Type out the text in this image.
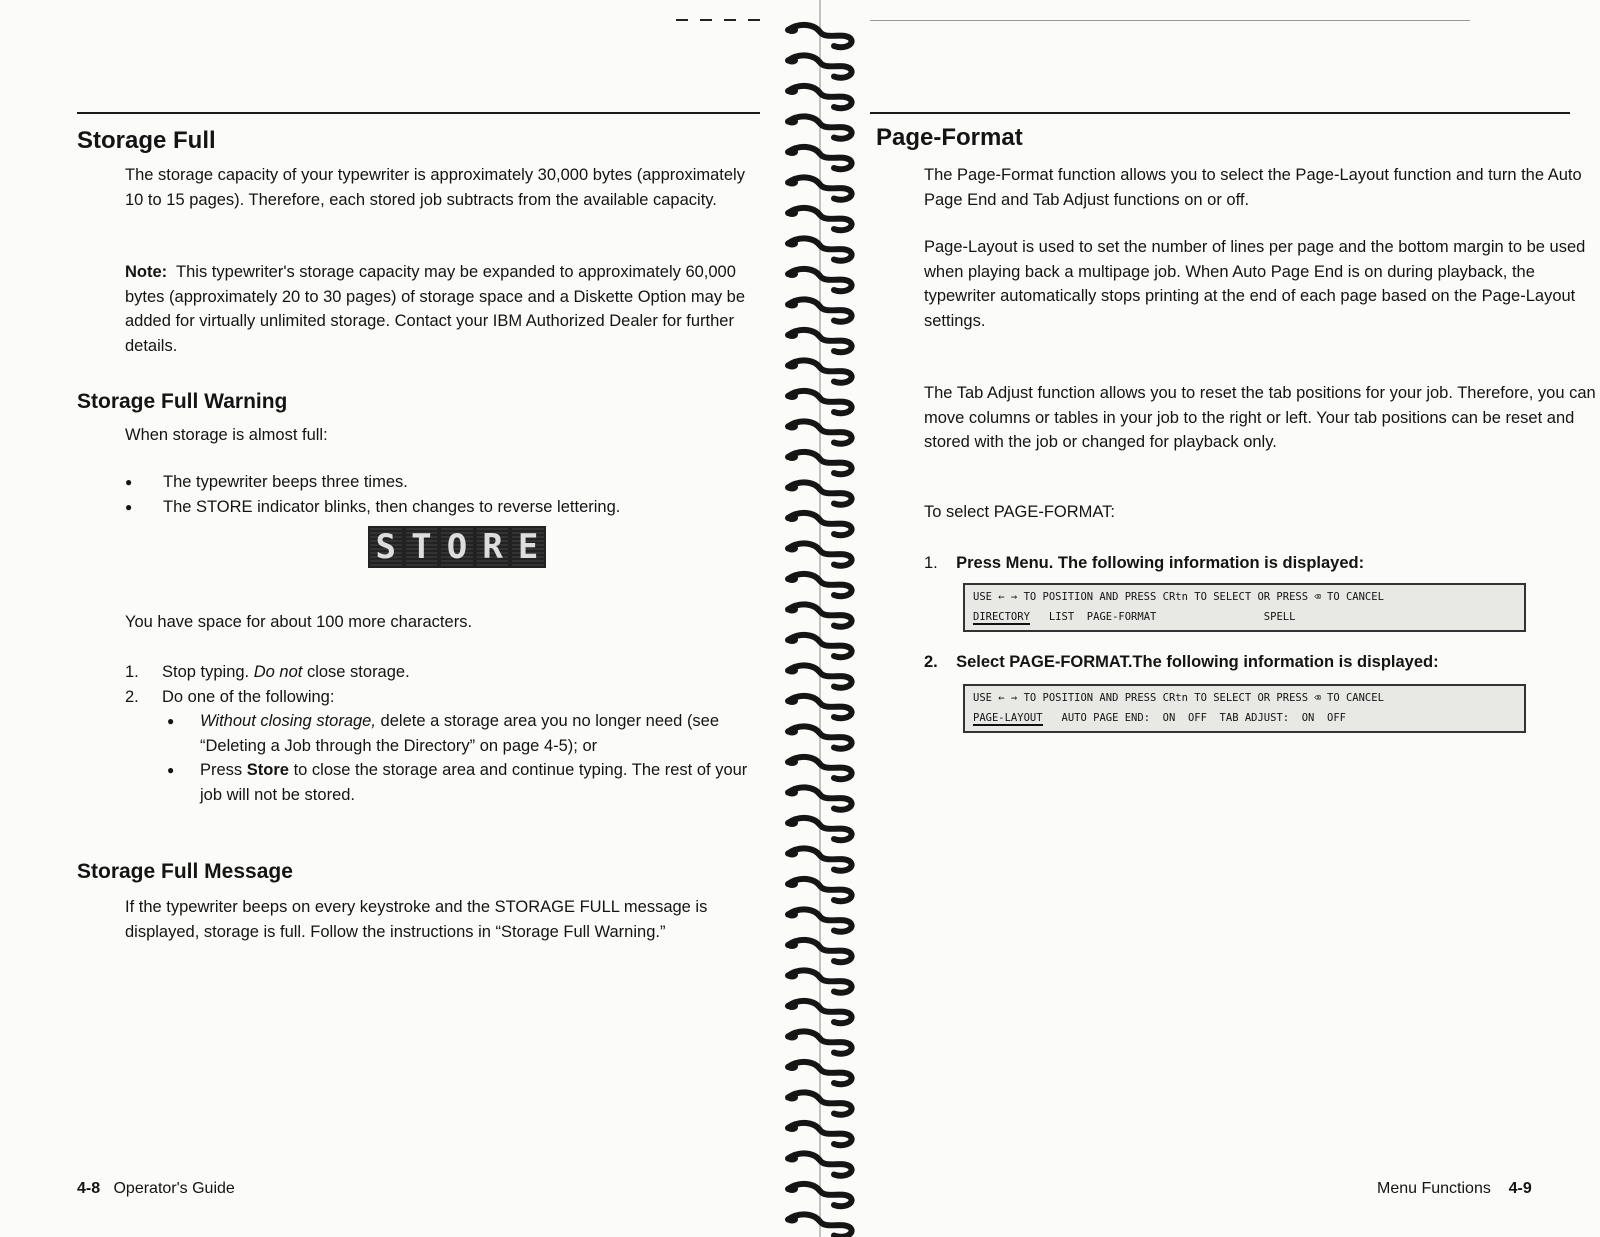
Storage Full

The storage capacity of your typewriter is approximately 30,000 bytes (approximately 10 to 15 pages). Therefore, each stored job subtracts from the available capacity.

Note: This typewriter's storage capacity may be expanded to approximately 60,000 bytes (approximately 20 to 30 pages) of storage space and a Diskette Option may be added for virtually unlimited storage. Contact your IBM Authorized Dealer for further details.

Storage Full Warning

When storage is almost full:

● The typewriter beeps three times.
● The STORE indicator blinks, then changes to reverse lettering.
S T O R E

You have space for about 100 more characters.

1. Stop typing. Do not close storage.
2. Do one of the following:
● Without closing storage, delete a storage area you no longer need (see “Deleting a Job through the Directory” on page 4-5); or
● Press Store to close the storage area and continue typing. The rest of your job will not be stored.
Storage Full Message

If the typewriter beeps on every keystroke and the STORAGE FULL message is displayed, storage is full. Follow the instructions in “Storage Full Warning.”

4-8 Operator's Guide
Page-Format

The Page-Format function allows you to select the Page-Layout function and turn the Auto Page End and Tab Adjust functions on or off.

Page-Layout is used to set the number of lines per page and the bottom margin to be used when playing back a multipage job. When Auto Page End is on during playback, the typewriter automatically stops printing at the end of each page based on the Page-Layout settings.

The Tab Adjust function allows you to reset the tab positions for your job. Therefore, you can move columns or tables in your job to the right or left. Your tab positions can be reset and stored with the job or changed for playback only.

To select PAGE-FORMAT:

1. Press Menu. The following information is displayed:
USE ← → TO POSITION AND PRESS CRtn TO SELECT OR PRESS ⌫ TO CANCEL
DIRECTORY   LIST  PAGE-FORMAT                 SPELL
2. Select PAGE-FORMAT.The following information is displayed:
USE ← → TO POSITION AND PRESS CRtn TO SELECT OR PRESS ⌫ TO CANCEL
PAGE-LAYOUT   AUTO PAGE END:  ON  OFF  TAB ADJUST:  ON  OFF
Menu Functions 4-9
